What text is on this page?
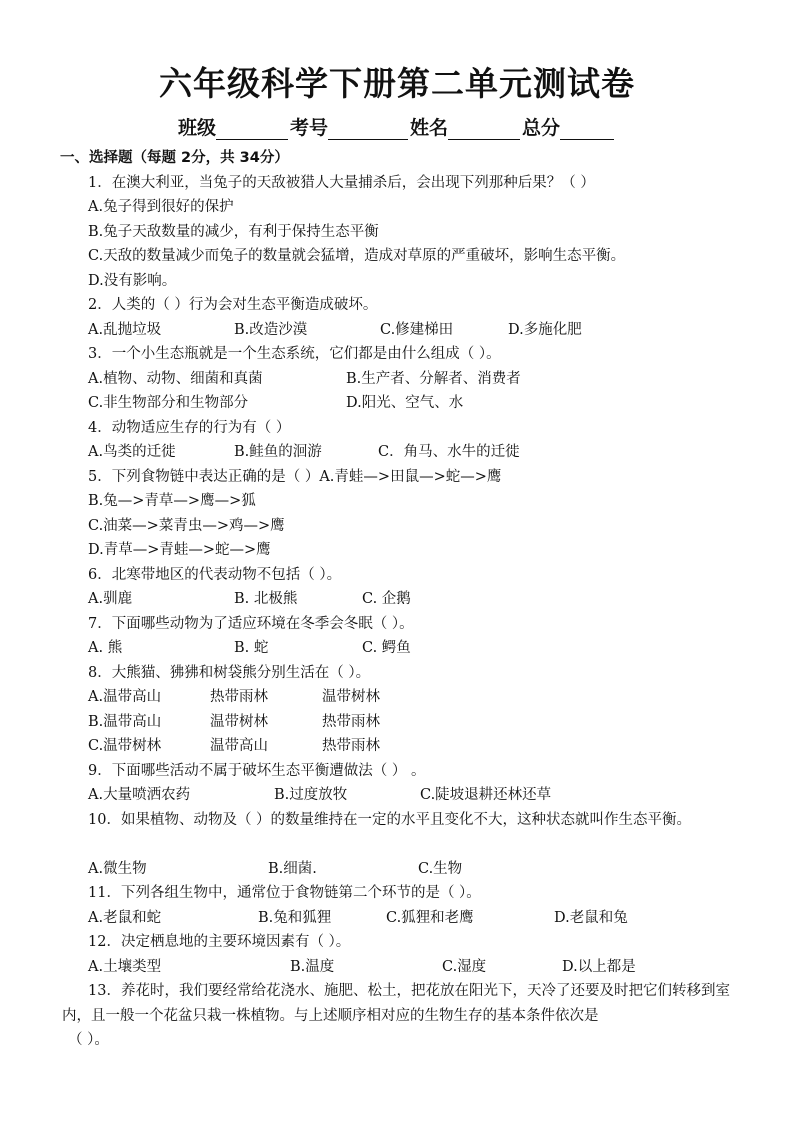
六年级科学下册第二单元测试卷
班级	考号	姓名	总分
一、选择题（每题 2分，共 34分）
1．在澳大利亚，当兔子的天敌被猎人大量捕杀后，会出现下列那种后果？（ ）
A.兔子得到很好的保护
B.兔子天敌数量的减少，有利于保持生态平衡
C.天敌的数量减少而兔子的数量就会猛增，造成对草原的严重破坏，影响生态平衡。
D.没有影响。
2．人类的（ ）行为会对生态平衡造成破坏。
A.乱抛垃圾	B.改造沙漠	C.修建梯田	D.多施化肥
3．一个小生态瓶就是一个生态系统，它们都是由什么组成（ ）。
A.植物、动物、细菌和真菌	B.生产者、分解者、消费者
C.非生物部分和生物部分	D.阳光、空气、水
4．动物适应生存的行为有（ ）
A.鸟类的迁徙	B.鲑鱼的洄游	C．角马、水牛的迁徙
5．下列食物链中表达正确的是（ ）A.青蛙—>田鼠—>蛇—>鹰
B.兔—>青草—>鹰—>狐
C.油菜—>菜青虫—>鸡—>鹰
D.青草—>青蛙—>蛇—>鹰
6．北寒带地区的代表动物不包括（ ）。
A.驯鹿	B. 北极熊	C. 企鹅
7．下面哪些动物为了适应环境在冬季会冬眠（ ）。
A. 熊	B. 蛇	C. 鳄鱼
8．大熊猫、狒狒和树袋熊分别生活在（ ）。
A.温带高山	热带雨林	温带树林
B.温带高山	温带树林	热带雨林
C.温带树林	温带高山	热带雨林
9．下面哪些活动不属于破坏生态平衡遭做法（ ） 。
A.大量喷洒农药	B.过度放牧	C.陡坡退耕还林还草
10．如果植物、动物及（ ）的数量维持在一定的水平且变化不大，这种状态就叫作生态平衡。
A.微生物	B.细菌.	C.生物
11．下列各组生物中，通常位于食物链第二个环节的是（ ）。
A.老鼠和蛇	B.兔和狐狸	C.狐狸和老鹰	D.老鼠和兔
12．决定栖息地的主要环境因素有（ ）。
A.土壤类型	B.温度	C.湿度	D.以上都是
13．养花时，我们要经常给花浇水、施肥、松土，把花放在阳光下，天冷了还要及时把它们转移到室内，且一般一个花盆只栽一株植物。与上述顺序相对应的生物生存的基本条件依次是
（ ）。
